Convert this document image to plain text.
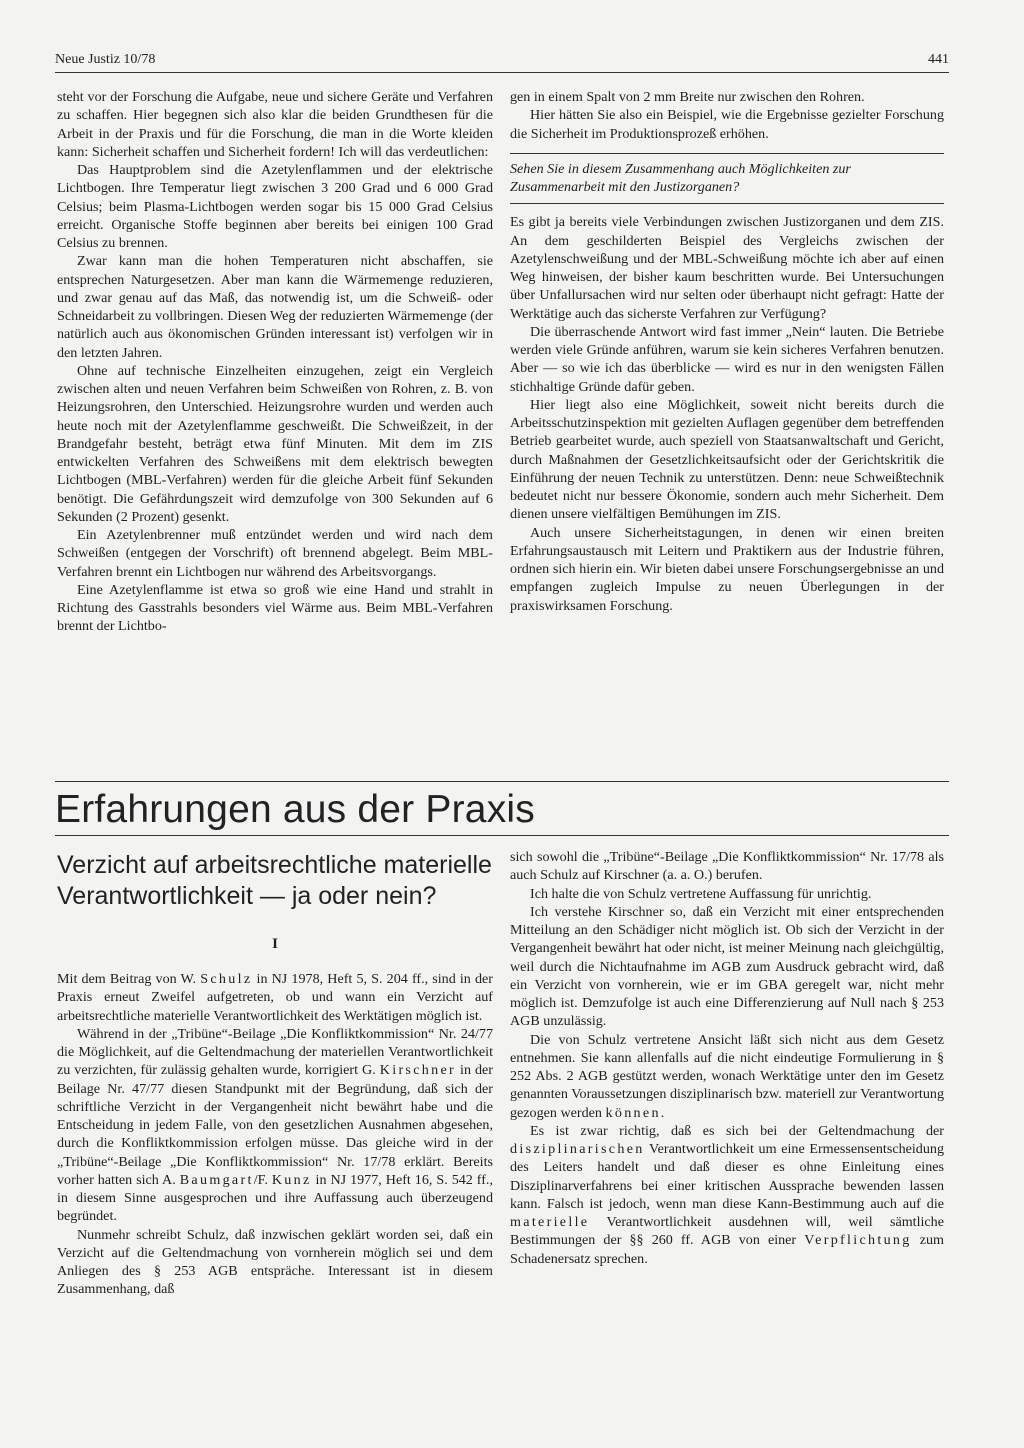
Neue Justiz 10/78	441

steht vor der Forschung die Aufgabe, neue und sichere Geräte und Verfahren zu schaffen. Hier begegnen sich also klar die beiden Grundthesen für die Arbeit in der Praxis und für die Forschung, die man in die Worte kleiden kann: Sicherheit schaffen und Sicherheit fordern! Ich will das verdeutlichen:

Das Hauptproblem sind die Azetylenflammen und der elektrische Lichtbogen. Ihre Temperatur liegt zwischen 3 200 Grad und 6 000 Grad Celsius; beim Plasma-Lichtbogen werden sogar bis 15 000 Grad Celsius erreicht. Organische Stoffe beginnen aber bereits bei einigen 100 Grad Celsius zu brennen.

Zwar kann man die hohen Temperaturen nicht abschaffen, sie entsprechen Naturgesetzen. Aber man kann die Wärmemenge reduzieren, und zwar genau auf das Maß, das notwendig ist, um die Schweiß- oder Schneidarbeit zu vollbringen. Diesen Weg der reduzierten Wärmemenge (der natürlich auch aus ökonomischen Gründen interessant ist) verfolgen wir in den letzten Jahren.

Ohne auf technische Einzelheiten einzugehen, zeigt ein Vergleich zwischen alten und neuen Verfahren beim Schweißen von Rohren, z. B. von Heizungsrohren, den Unterschied. Heizungsrohre wurden und werden auch heute noch mit der Azetylenflamme geschweißt. Die Schweißzeit, in der Brandgefahr besteht, beträgt etwa fünf Minuten. Mit dem im ZIS entwickelten Verfahren des Schweißens mit dem elektrisch bewegten Lichtbogen (MBL-Verfahren) werden für die gleiche Arbeit fünf Sekunden benötigt. Die Gefährdungszeit wird demzufolge von 300 Sekunden auf 6 Sekunden (2 Prozent) gesenkt.

Ein Azetylenbrenner muß entzündet werden und wird nach dem Schweißen (entgegen der Vorschrift) oft brennend abgelegt. Beim MBL-Verfahren brennt ein Lichtbogen nur während des Arbeitsvorgangs.

Eine Azetylenflamme ist etwa so groß wie eine Hand und strahlt in Richtung des Gasstrahls besonders viel Wärme aus. Beim MBL-Verfahren brennt der Lichtbo-

gen in einem Spalt von 2 mm Breite nur zwischen den Rohren.

Hier hätten Sie also ein Beispiel, wie die Ergebnisse gezielter Forschung die Sicherheit im Produktionsprozeß erhöhen.

Sehen Sie in diesem Zusammenhang auch Möglichkeiten zur Zusammenarbeit mit den Justizorganen?

Es gibt ja bereits viele Verbindungen zwischen Justizorganen und dem ZIS. An dem geschilderten Beispiel des Vergleichs zwischen der Azetylenschweißung und der MBL-Schweißung möchte ich aber auf einen Weg hinweisen, der bisher kaum beschritten wurde. Bei Untersuchungen über Unfallursachen wird nur selten oder überhaupt nicht gefragt: Hatte der Werktätige auch das sicherste Verfahren zur Verfügung?

Die überraschende Antwort wird fast immer „Nein“ lauten. Die Betriebe werden viele Gründe anführen, warum sie kein sicheres Verfahren benutzen. Aber — so wie ich das überblicke — wird es nur in den wenigsten Fällen stichhaltige Gründe dafür geben.

Hier liegt also eine Möglichkeit, soweit nicht bereits durch die Arbeitsschutzinspektion mit gezielten Auflagen gegenüber dem betreffenden Betrieb gearbeitet wurde, auch speziell von Staatsanwaltschaft und Gericht, durch Maßnahmen der Gesetzlichkeitsaufsicht oder der Gerichtskritik die Einführung der neuen Technik zu unterstützen. Denn: neue Schweißtechnik bedeutet nicht nur bessere Ökonomie, sondern auch mehr Sicherheit. Dem dienen unsere vielfältigen Bemühungen im ZIS.

Auch unsere Sicherheitstagungen, in denen wir einen breiten Erfahrungsaustausch mit Leitern und Praktikern aus der Industrie führen, ordnen sich hierin ein. Wir bieten dabei unsere Forschungsergebnisse an und empfangen zugleich Impulse zu neuen Überlegungen in der praxiswirksamen Forschung.

Erfahrungen aus der Praxis
Verzicht auf arbeitsrechtliche materielle Verantwortlichkeit — ja oder nein?
I

Mit dem Beitrag von W. Schulz in NJ 1978, Heft 5, S. 204 ff., sind in der Praxis erneut Zweifel aufgetreten, ob und wann ein Verzicht auf arbeitsrechtliche materielle Verantwortlichkeit des Werktätigen möglich ist.

Während in der „Tribüne“-Beilage „Die Konfliktkommission“ Nr. 24/77 die Möglichkeit, auf die Geltendmachung der materiellen Verantwortlichkeit zu verzichten, für zulässig gehalten wurde, korrigiert G. Kirschner in der Beilage Nr. 47/77 diesen Standpunkt mit der Begründung, daß sich der schriftliche Verzicht in der Vergangenheit nicht bewährt habe und die Entscheidung in jedem Falle, von den gesetzlichen Ausnahmen abgesehen, durch die Konfliktkommission erfolgen müsse. Das gleiche wird in der „Tribüne“-Beilage „Die Konfliktkommission“ Nr. 17/78 erklärt. Bereits vorher hatten sich A. Baumgart/F. Kunz in NJ 1977, Heft 16, S. 542 ff., in diesem Sinne ausgesprochen und ihre Auffassung auch überzeugend begründet.

Nunmehr schreibt Schulz, daß inzwischen geklärt worden sei, daß ein Verzicht auf die Geltendmachung von vornherein möglich sei und dem Anliegen des § 253 AGB entspräche. Interessant ist in diesem Zusammenhang, daß

sich sowohl die „Tribüne“-Beilage „Die Konfliktkommission“ Nr. 17/78 als auch Schulz auf Kirschner (a. a. O.) berufen.

Ich halte die von Schulz vertretene Auffassung für unrichtig.

Ich verstehe Kirschner so, daß ein Verzicht mit einer entsprechenden Mitteilung an den Schädiger nicht möglich ist. Ob sich der Verzicht in der Vergangenheit bewährt hat oder nicht, ist meiner Meinung nach gleichgültig, weil durch die Nichtaufnahme im AGB zum Ausdruck gebracht wird, daß ein Verzicht von vornherein, wie er im GBA geregelt war, nicht mehr möglich ist. Demzufolge ist auch eine Differenzierung auf Null nach § 253 AGB unzulässig.

Die von Schulz vertretene Ansicht läßt sich nicht aus dem Gesetz entnehmen. Sie kann allenfalls auf die nicht eindeutige Formulierung in § 252 Abs. 2 AGB gestützt werden, wonach Werktätige unter den im Gesetz genannten Voraussetzungen disziplinarisch bzw. materiell zur Verantwortung gezogen werden können.

Es ist zwar richtig, daß es sich bei der Geltendmachung der disziplinarischen Verantwortlichkeit um eine Ermessensentscheidung des Leiters handelt und daß dieser es ohne Einleitung eines Disziplinarverfahrens bei einer kritischen Aussprache bewenden lassen kann. Falsch ist jedoch, wenn man diese Kann-Bestimmung auch auf die materielle Verantwortlichkeit ausdehnen will, weil sämtliche Bestimmungen der §§ 260 ff. AGB von einer Verpflichtung zum Schadenersatz sprechen.
